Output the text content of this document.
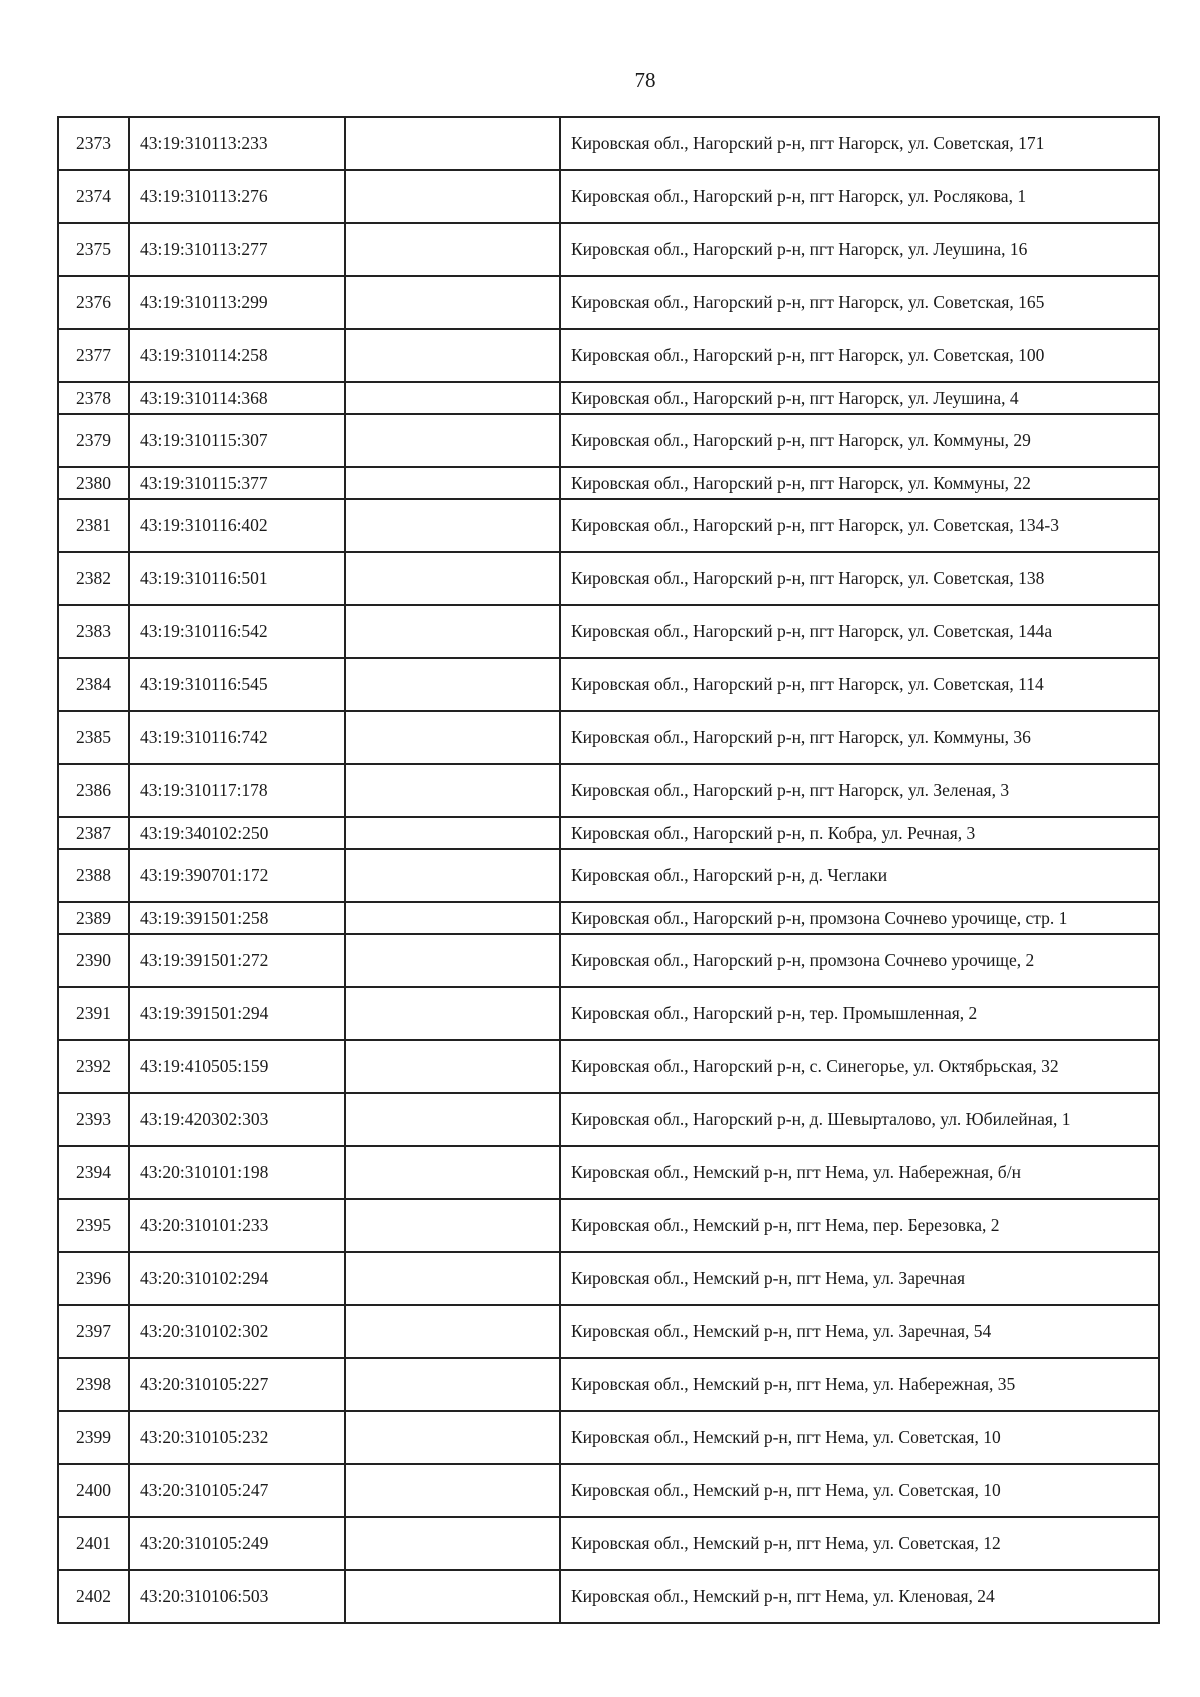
78
2373	43:19:310113:233		Кировская обл., Нагорский р-н, пгт Нагорск, ул. Советская, 171
2374	43:19:310113:276		Кировская обл., Нагорский р-н, пгт Нагорск, ул. Рослякова, 1
2375	43:19:310113:277		Кировская обл., Нагорский р-н, пгт Нагорск, ул. Леушина, 16
2376	43:19:310113:299		Кировская обл., Нагорский р-н, пгт Нагорск, ул. Советская, 165
2377	43:19:310114:258		Кировская обл., Нагорский р-н, пгт Нагорск, ул. Советская, 100
2378	43:19:310114:368		Кировская обл., Нагорский р-н, пгт Нагорск, ул. Леушина, 4
2379	43:19:310115:307		Кировская обл., Нагорский р-н, пгт Нагорск, ул. Коммуны, 29
2380	43:19:310115:377		Кировская обл., Нагорский р-н, пгт Нагорск, ул. Коммуны, 22
2381	43:19:310116:402		Кировская обл., Нагорский р-н, пгт Нагорск, ул. Советская, 134-3
2382	43:19:310116:501		Кировская обл., Нагорский р-н, пгт Нагорск, ул. Советская, 138
2383	43:19:310116:542		Кировская обл., Нагорский р-н, пгт Нагорск, ул. Советская, 144а
2384	43:19:310116:545		Кировская обл., Нагорский р-н, пгт Нагорск, ул. Советская, 114
2385	43:19:310116:742		Кировская обл., Нагорский р-н, пгт Нагорск, ул. Коммуны, 36
2386	43:19:310117:178		Кировская обл., Нагорский р-н, пгт Нагорск, ул. Зеленая, 3
2387	43:19:340102:250		Кировская обл., Нагорский р-н, п. Кобра, ул. Речная, 3
2388	43:19:390701:172		Кировская обл., Нагорский р-н, д. Чеглаки
2389	43:19:391501:258		Кировская обл., Нагорский р-н, промзона Сочнево урочище, стр. 1
2390	43:19:391501:272		Кировская обл., Нагорский р-н, промзона Сочнево урочище, 2
2391	43:19:391501:294		Кировская обл., Нагорский р-н, тер. Промышленная, 2
2392	43:19:410505:159		Кировская обл., Нагорский р-н, с. Синегорье, ул. Октябрьская, 32
2393	43:19:420302:303		Кировская обл., Нагорский р-н, д. Шевырталово, ул. Юбилейная, 1
2394	43:20:310101:198		Кировская обл., Немский р-н, пгт Нема, ул. Набережная, б/н
2395	43:20:310101:233		Кировская обл., Немский р-н, пгт Нема, пер. Березовка, 2
2396	43:20:310102:294		Кировская обл., Немский р-н, пгт Нема, ул. Заречная
2397	43:20:310102:302		Кировская обл., Немский р-н, пгт Нема, ул. Заречная, 54
2398	43:20:310105:227		Кировская обл., Немский р-н, пгт Нема, ул. Набережная, 35
2399	43:20:310105:232		Кировская обл., Немский р-н, пгт Нема, ул. Советская, 10
2400	43:20:310105:247		Кировская обл., Немский р-н, пгт Нема, ул. Советская, 10
2401	43:20:310105:249		Кировская обл., Немский р-н, пгт Нема, ул. Советская, 12
2402	43:20:310106:503		Кировская обл., Немский р-н, пгт Нема, ул. Кленовая, 24
